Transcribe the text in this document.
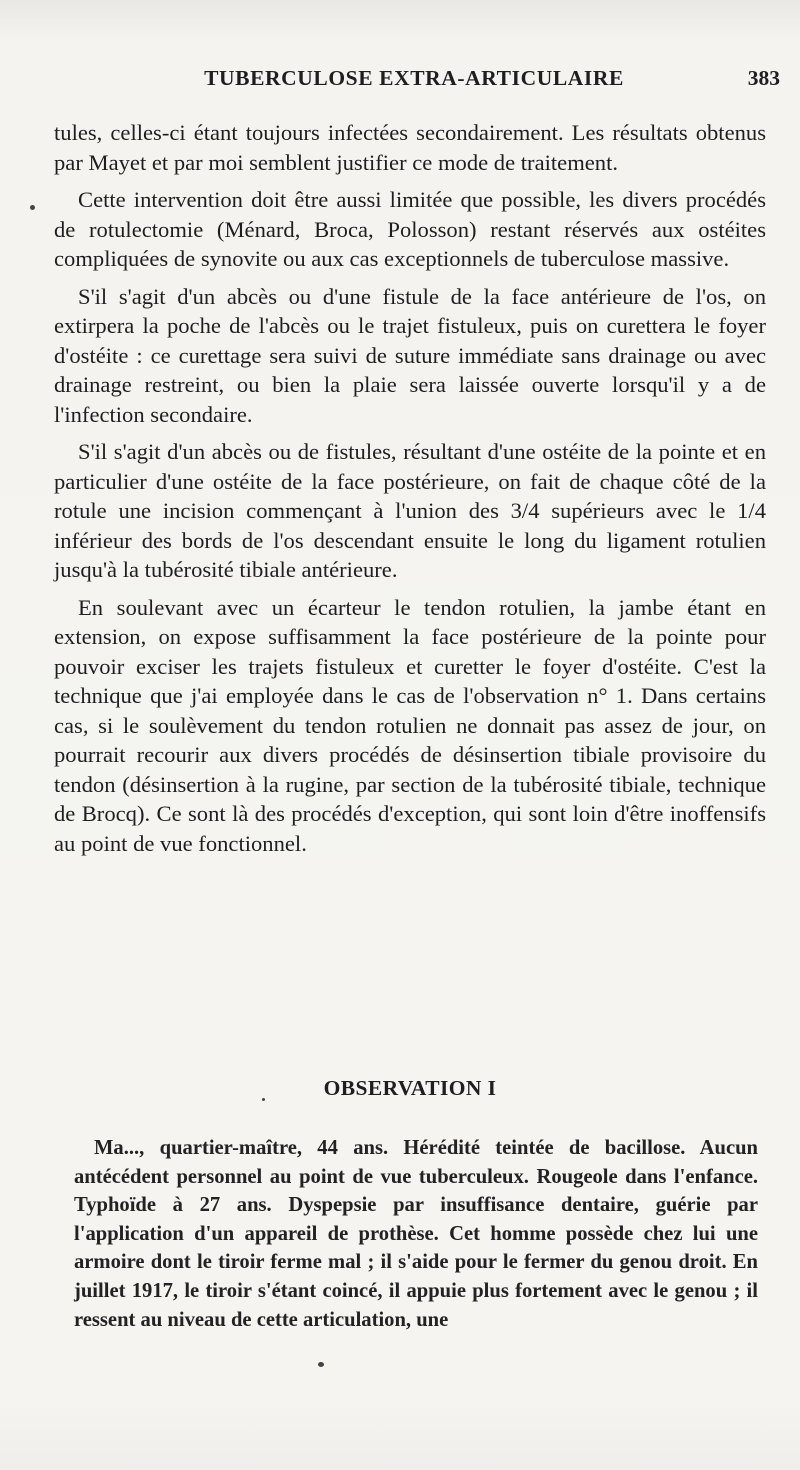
TUBERCULOSE EXTRA-ARTICULAIRE	383

tules, celles-ci étant toujours infectées secondairement. Les résultats obtenus par Mayet et par moi semblent justifier ce mode de traitement.

Cette intervention doit être aussi limitée que possible, les divers procédés de rotulectomie (Ménard, Broca, Polosson) restant réservés aux ostéites compliquées de synovite ou aux cas exceptionnels de tuberculose massive.

S'il s'agit d'un abcès ou d'une fistule de la face antérieure de l'os, on extirpera la poche de l'abcès ou le trajet fistuleux, puis on curettera le foyer d'ostéite : ce curettage sera suivi de suture immédiate sans drainage ou avec drainage restreint, ou bien la plaie sera laissée ouverte lorsqu'il y a de l'infection secondaire.

S'il s'agit d'un abcès ou de fistules, résultant d'une ostéite de la pointe et en particulier d'une ostéite de la face postérieure, on fait de chaque côté de la rotule une incision commençant à l'union des 3/4 supérieurs avec le 1/4 inférieur des bords de l'os descendant ensuite le long du ligament rotulien jusqu'à la tubérosité tibiale antérieure.

En soulevant avec un écarteur le tendon rotulien, la jambe étant en extension, on expose suffisamment la face postérieure de la pointe pour pouvoir exciser les trajets fistuleux et curetter le foyer d'ostéite. C'est la technique que j'ai employée dans le cas de l'observation n° 1. Dans certains cas, si le soulèvement du tendon rotulien ne donnait pas assez de jour, on pourrait recourir aux divers procédés de désinsertion tibiale provisoire du tendon (désinsertion à la rugine, par section de la tubérosité tibiale, technique de Brocq). Ce sont là des procédés d'exception, qui sont loin d'être inoffensifs au point de vue fonctionnel.

OBSERVATION I

Ma..., quartier-maître, 44 ans. Hérédité teintée de bacillose. Aucun antécédent personnel au point de vue tuberculeux. Rougeole dans l'enfance. Typhoïde à 27 ans. Dyspepsie par insuffisance dentaire, guérie par l'application d'un appareil de prothèse. Cet homme possède chez lui une armoire dont le tiroir ferme mal ; il s'aide pour le fermer du genou droit. En juillet 1917, le tiroir s'étant coincé, il appuie plus fortement avec le genou ; il ressent au niveau de cette articulation, une
